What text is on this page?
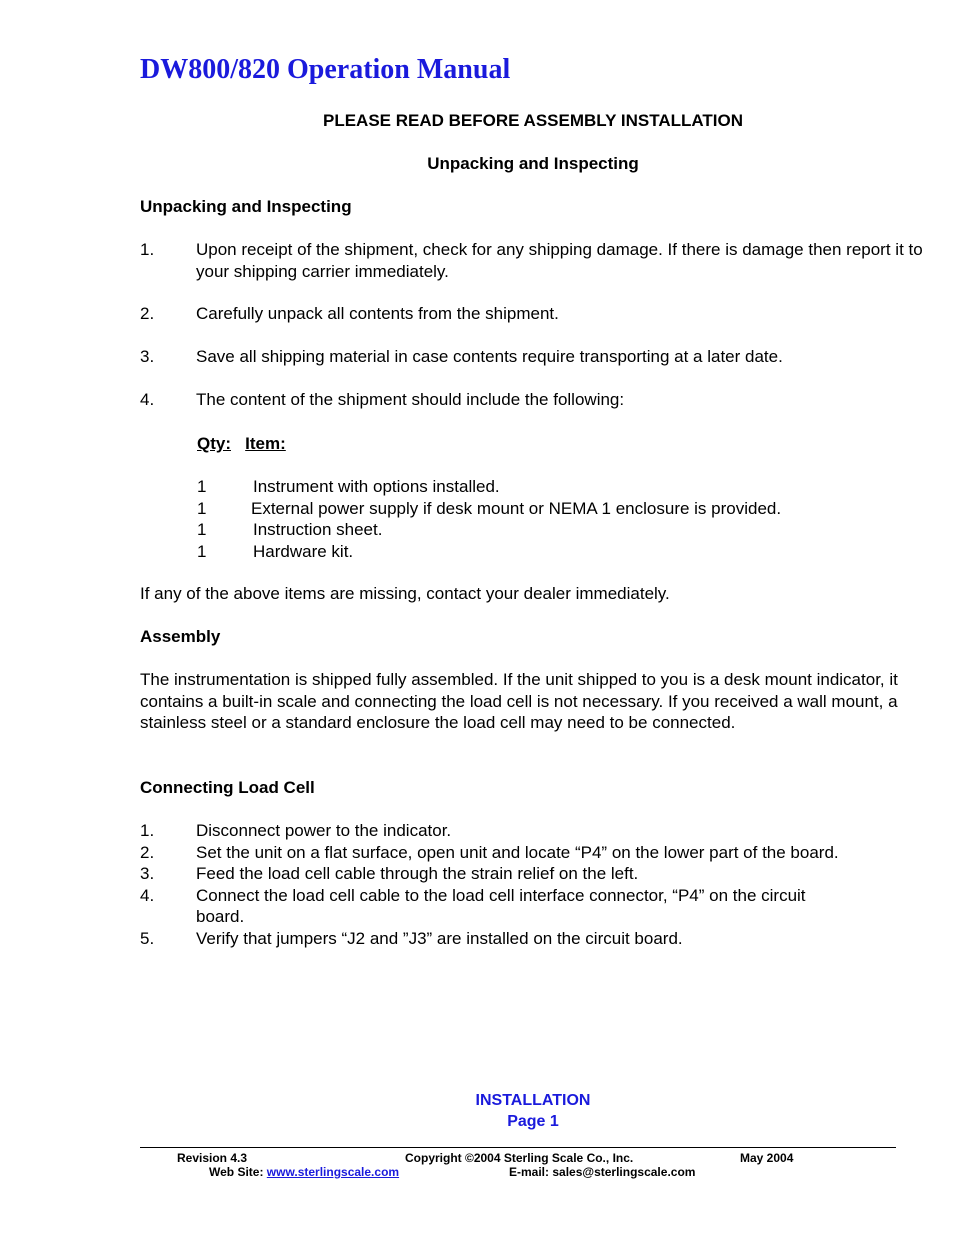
DW800/820 Operation Manual
PLEASE READ BEFORE ASSEMBLY INSTALLATION
Unpacking and Inspecting
Unpacking and Inspecting
1. Upon receipt of the shipment, check for any shipping damage. If there is damage then report it to your shipping carrier immediately.
2. Carefully unpack all contents from the shipment.
3. Save all shipping material in case contents require transporting at a later date.
4. The content of the shipment should include the following:
Qty: Item:
1	Instrument with options installed.
1	External power supply if desk mount or NEMA 1 enclosure is provided.
1	Instruction sheet.
1	Hardware kit.
If any of the above items are missing, contact your dealer immediately.
Assembly
The instrumentation is shipped fully assembled. If the unit shipped to you is a desk mount indicator, it contains a built-in scale and connecting the load cell is not necessary. If you received a wall mount, a stainless steel or a standard enclosure the load cell may need to be connected.
Connecting Load Cell
1. Disconnect power to the indicator.
2. Set the unit on a flat surface, open unit and locate “P4” on the lower part of the board.
3. Feed the load cell cable through the strain relief on the left.
4. Connect the load cell cable to the load cell interface connector, “P4” on the circuit board.
5. Verify that jumpers “J2 and ”J3” are installed on the circuit board.
INSTALLATION
Page 1
Revision 4.3	Copyright ©2004 Sterling Scale Co., Inc.	May 2004
Web Site: www.sterlingscale.com	E-mail: sales@sterlingscale.com
